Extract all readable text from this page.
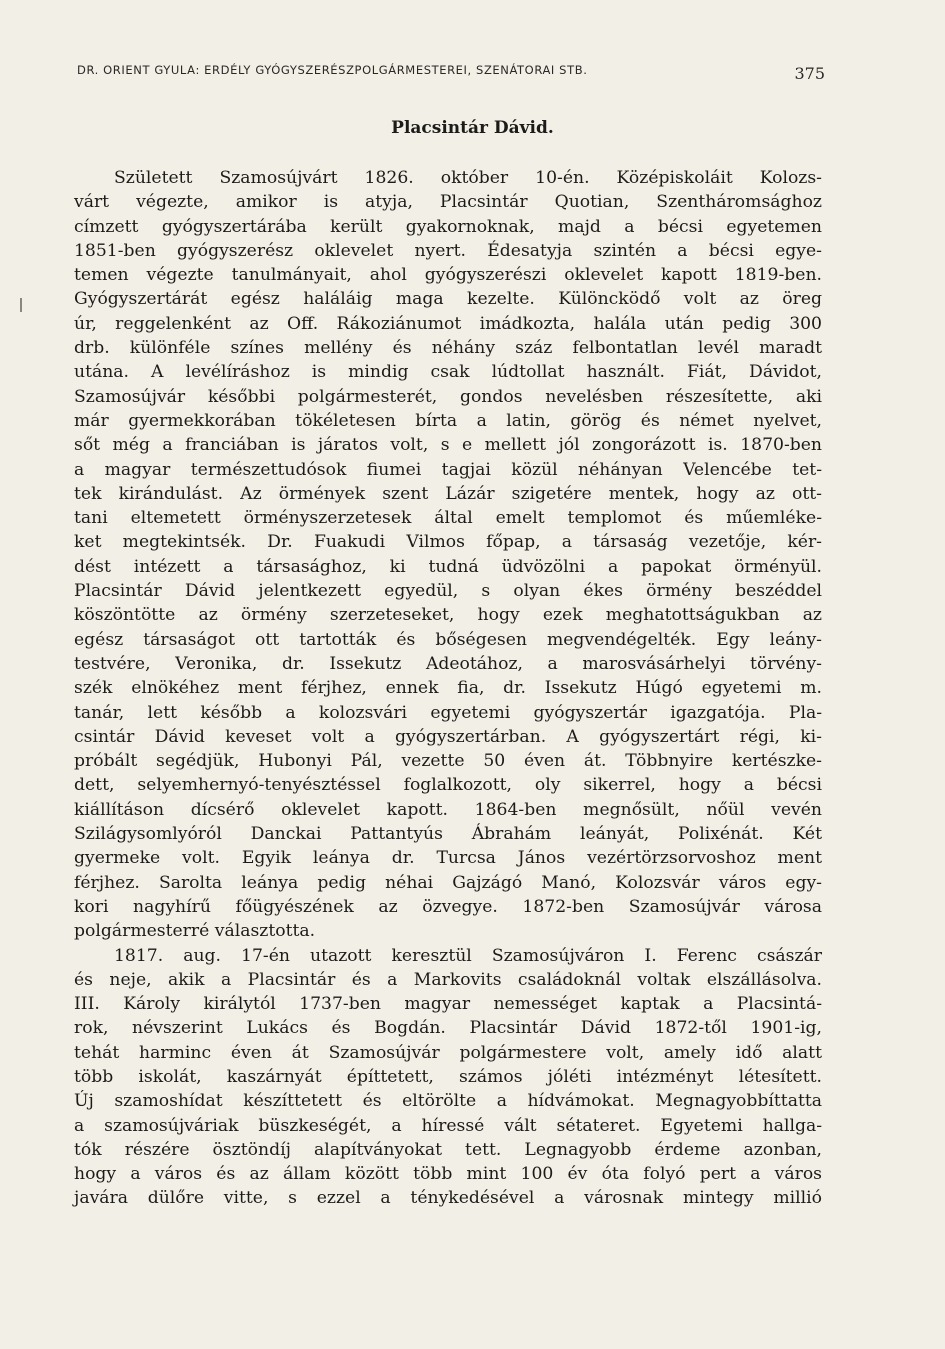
DR. ORIENT GYULA: ERDÉLY GYÓGYSZERÉSZPOLGÁRMESTEREI, SZENÁTORAI STB.	375
Placsintár Dávid.
Született Szamosújvárt 1826. október 10-én. Középiskoláit Kolozs-
várt végezte, amikor is atyja, Placsintár Quotian, Szentháromsághoz
címzett gyógyszertárába került gyakornoknak, majd a bécsi egyetemen
1851-ben gyógyszerész oklevelet nyert. Édesatyja szintén a bécsi egye-
temen végezte tanulmányait, ahol gyógyszerészi oklevelet kapott 1819-ben.
Gyógyszertárát egész haláláig maga kezelte. Különcködő volt az öreg
úr, reggelenként az Off. Rákoziánumot imádkozta, halála után pedig 300
drb. különféle színes mellény és néhány száz felbontatlan levél maradt
utána. A levélíráshoz is mindig csak lúdtollat használt. Fiát, Dávidot,
Szamosújvár későbbi polgármesterét, gondos nevelésben részesítette, aki
már gyermekkorában tökéletesen bírta a latin, görög és német nyelvet,
sőt még a franciában is járatos volt, s e mellett jól zongorázott is. 1870-ben
a magyar természettudósok fiumei tagjai közül néhányan Velencébe tet-
tek kirándulást. Az örmények szent Lázár szigetére mentek, hogy az ott-
tani eltemetett örményszerzetesek által emelt templomot és műemléke-
ket megtekintsék. Dr. Fuakudi Vilmos főpap, a társaság vezetője, kér-
dést intézett a társasághoz, ki tudná üdvözölni a papokat örményül.
Placsintár Dávid jelentkezett egyedül, s olyan ékes örmény beszéddel
köszöntötte az örmény szerzeteseket, hogy ezek meghatottságukban az
egész társaságot ott tartották és bőségesen megvendégelték. Egy leány-
testvére, Veronika, dr. Issekutz Adeotához, a marosvásárhelyi törvény-
szék elnökéhez ment férjhez, ennek fia, dr. Issekutz Húgó egyetemi m.
tanár, lett később a kolozsvári egyetemi gyógyszertár igazgatója. Pla-
csintár Dávid keveset volt a gyógyszertárban. A gyógyszertárt régi, ki-
próbált segédjük, Hubonyi Pál, vezette 50 éven át. Többnyire kertészke-
dett, selyemhernyó-tenyésztéssel foglalkozott, oly sikerrel, hogy a bécsi
kiállításon dícsérő oklevelet kapott. 1864-ben megnősült, nőül vevén
Szilágysomlyóról Danckai Pattantyús Ábrahám leányát, Polixénát. Két
gyermeke volt. Egyik leánya dr. Turcsa János vezértörzsorvoshoz ment
férjhez. Sarolta leánya pedig néhai Gajzágó Manó, Kolozsvár város egy-
kori nagyhírű főügyészének az özvegye. 1872-ben Szamosújvár városa
polgármesterré választotta.
1817. aug. 17-én utazott keresztül Szamosújváron I. Ferenc császár
és neje, akik a Placsintár és a Markovits családoknál voltak elszállásolva.
III. Károly királytól 1737-ben magyar nemességet kaptak a Placsintá-
rok, névszerint Lukács és Bogdán. Placsintár Dávid 1872-től 1901-ig,
tehát harminc éven át Szamosújvár polgármestere volt, amely idő alatt
több iskolát, kaszárnyát építtetett, számos jóléti intézményt létesített.
Új szamoshídat készíttetett és eltörölte a hídvámokat. Megnagyobbíttatta
a szamosújváriak büszkeségét, a híressé vált sétateret. Egyetemi hallga-
tók részére ösztöndíj alapítványokat tett. Legnagyobb érdeme azonban,
hogy a város és az állam között több mint 100 év óta folyó pert a város
javára dülőre vitte, s ezzel a ténykedésével a városnak mintegy millió
